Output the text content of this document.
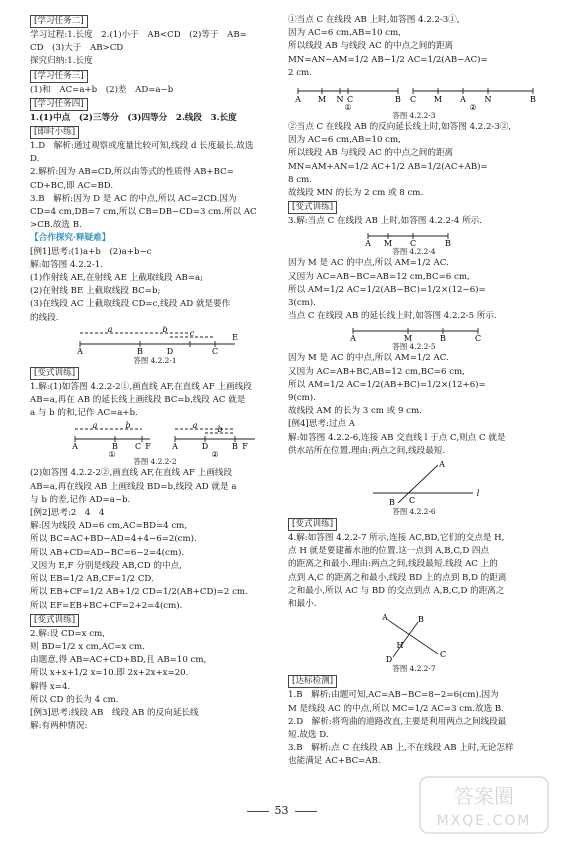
[学习任务二]
学习过程:1.长度　2.(1)小于　AB<CD　(2)等于　AB=
CD　(3)大于　AB>CD
探究归纳:1.长度
[学习任务三]
(1)和　AC=a+b　(2)差　AD=a−b
[学习任务四]
1.(1)中点　(2)三等分　(3)四等分　2.线段　3.长度
[即时小练]
1.D　解析:通过观察或度量比较可知,线段 d 长度最长.故选
D.
2.解析:因为 AB=CD,所以由等式的性质得 AB+BC=
CD+BC,即 AC=BD.
3.B　解析:因为 D 是 AC 的中点,所以 AC=2CD.因为
CD=4 cm,DB=7 cm,所以 CB=DB−CD=3 cm.所以 AC
>CB.故选 B.
【合作探究·释疑难】
[例1]思考:(1)a+b　(2)a+b−c
解:如答图 4.2.2-1.
(1)作射线 AE,在射线 AE 上截取线段 AB=a;
(2)在射线 BE 上截取线段 BC=b;
(3)在线段 AC 上截取线段 CD=c,线段 AD 就是要作
的线段.
A	D
B	C
E
a	b	c
答图 4.2.2-1
[变式训练]
1.解:(1)如答图 4.2.2-2①,画直线 AF,在直线 AF 上画线段
AB=a,再在 AB 的延长线上画线段 BC=b,线段 AC 就是
a 与 b 的和,记作 AC=a+b.
A	B C F
a	b
①
A	D	B F
a	b
②
答图 4.2.2-2
(2)如答图 4.2.2-2②,画直线 AF,在直线 AF 上画线段
AB=a,再在线段 AB 上画线段 BD=b,线段 AD 就是 a
与 b 的差,记作 AD=a−b.
[例2]思考:2　4　4
解:因为线段 AD=6 cm,AC=BD=4 cm,
所以 BC=AC+BD−AD=4+4−6=2(cm).
所以 AB+CD=AD−BC=6−2=4(cm).
又因为 E,F 分别是线段 AB,CD 的中点,
所以 EB=1/2 AB,CF=1/2 CD.
所以 EB+CF=1/2 AB+1/2 CD=1/2(AB+CD)=2 cm.
所以 EF=EB+BC+CF=2+2=4(cm).
[变式训练]
2.解:设 CD=x cm,
则 BD=1/2 x cm,AC=x cm.
由题意,得 AB=AC+CD+BD,且 AB=10 cm,
所以 x+x+1/2 x=10.即 2x+2x+x=20.
解得 x=4.
所以 CD 的长为 4 cm.
[例3]思考:线段 AB　线段 AB 的反向延长线
解:有两种情况:
①当点 C 在线段 AB 上时,如答图 4.2.2-3①,
因为 AC=6 cm,AB=10 cm,
所以线段 AB 与线段 AC 的中点之间的距离
MN=AN−AM=1/2 AB−1/2 AC=1/2(AB−AC)=
2 cm.
A M N C	B
①
C M A N	B
②
答图 4.2.2-3
②当点 C 在线段 AB 的反向延长线上时,如答图 4.2.2-3②,
因为 AC=6 cm,AB=10 cm,
所以线段 AB 与线段 AC 的中点之间的距离
MN=AM+AN=1/2 AC+1/2 AB=1/2(AC+AB)=
8 cm.
故线段 MN 的长为 2 cm 或 8 cm.
[变式训练]
3.解:当点 C 在线段 AB 上时,如答图 4.2.2-4 所示.
A M C	B
答图 4.2.2-4
因为 M 是 AC 的中点,所以 AM=1/2 AC.
又因为 AC=AB−BC=AB=12 cm,BC=6 cm,
所以 AM=1/2 AC=1/2(AB−BC)=1/2×(12−6)=
3(cm).
当点 C 在线段 AB 的延长线上时,如答图 4.2.2-5 所示.
A	M	B	C
答图 4.2.2-5
因为 M 是 AC 的中点,所以 AM=1/2 AC.
又因为 AC=AB+BC,AB=12 cm,BC=6 cm,
所以 AM=1/2 AC=1/2(AB+BC)=1/2×(12+6)=
9(cm).
故线段 AM 的长为 3 cm 或 9 cm.
[例4]思考:过点 A
解:如答图 4.2.2-6,连接 AB 交直线 l 于点 C,则点 C 就是
供水站所在位置.理由:两点之间,线段最短.
A
B C
l
答图 4.2.2-6
[变式训练]
4.解:如答图 4.2.2-7 所示,连接 AC,BD,它们的交点是 H,
点 H 就是要建蓄水池的位置.这一点到 A,B,C,D 四点
的距离之和最小.理由:两点之间,线段最短.线段 AC 上的
点到 A,C 的距离之和最小,线段 BD 上的点到 B,D 的距离
之和最小,所以 AC 与 BD 的交点到点 A,B,C,D 的距离之
和最小.
A	B
D
C
H
答图 4.2.2-7
[达标检测]
1.B　解析:由题可知,AC=AB−BC=8−2=6(cm).因为
M 是线段 AC 的中点,所以 MC=1/2 AC=3 cm.故选 B.
2.D　解析:将弯曲的道路改直,主要是利用两点之间线段最
短.故选 D.
3.B　解析:点 C 在线段 AB 上,不在线段 AB 上时,无论怎样
也能满足 AC+BC=AB.
53
答案圈
MXQE.COM
